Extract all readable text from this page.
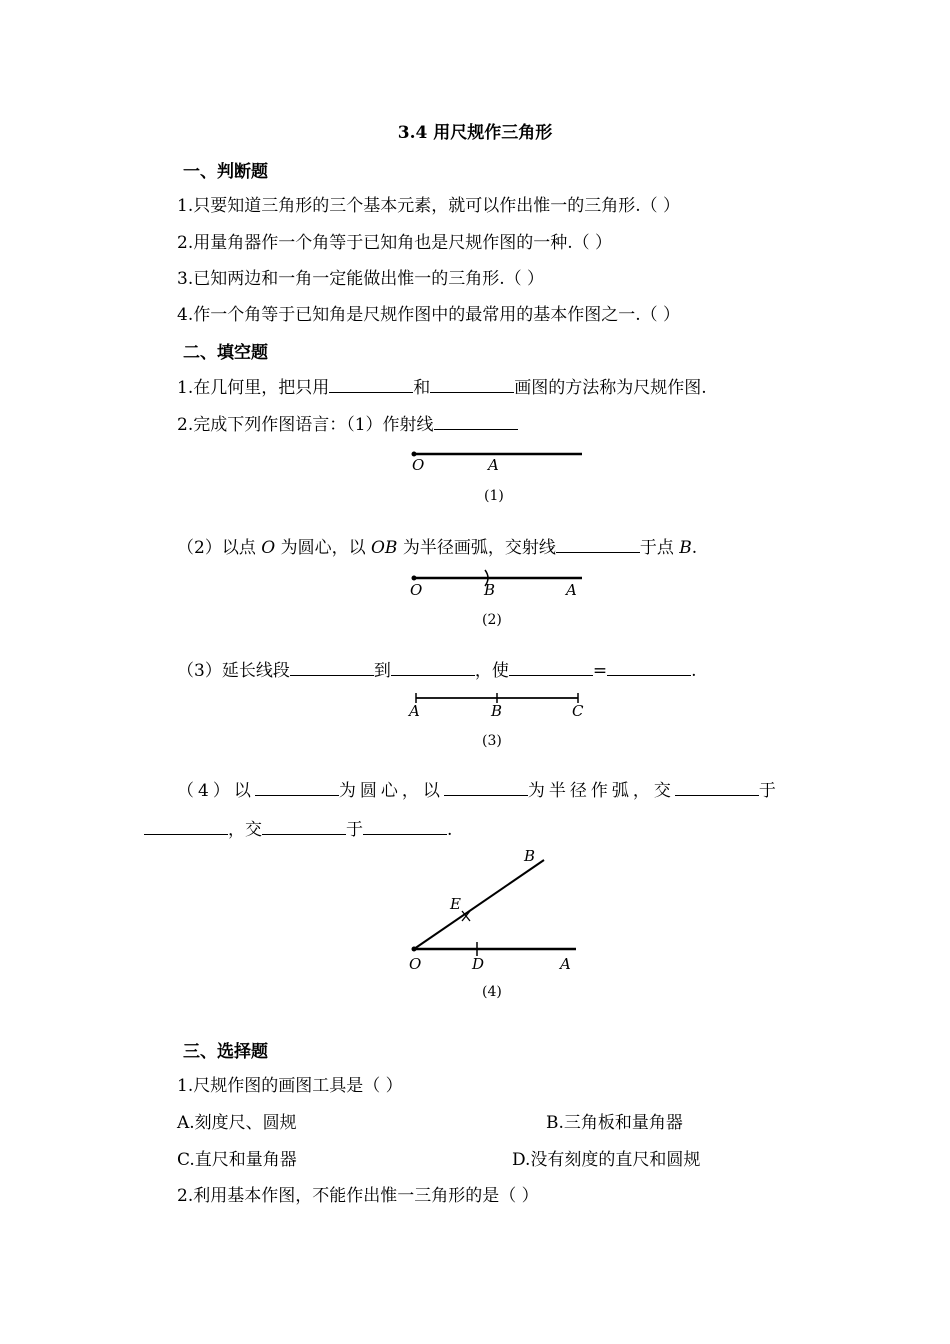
3.4 用尺规作三角形
一、判断题
1.只要知道三角形的三个基本元素，就可以作出惟一的三角形.（ ）
2.用量角器作一个角等于已知角也是尺规作图的一种.（ ）
3.已知两边和一角一定能做出惟一的三角形.（ ）
4.作一个角等于已知角是尺规作图中的最常用的基本作图之一.（ ）
二、填空题
1.在几何里，把只用	和	画图的方法称为尺规作图.
2.完成下列作图语言：（1）作射线
O	A
(1)
（2）以点 O 为圆心，以 OB 为半径画弧，交射线	于点 B.
O	B	A
(2)
（3）延长线段	到	，使	=	.
A	B	C
(3)
（4）以	为圆心，以	为半径作弧，交	于
，交	于	.
B
E
O	D	A
(4)
三、选择题
1.尺规作图的画图工具是（ ）
A.刻度尺、圆规	B.三角板和量角器
C.直尺和量角器	D.没有刻度的直尺和圆规
2.利用基本作图，不能作出惟一三角形的是（ ）
